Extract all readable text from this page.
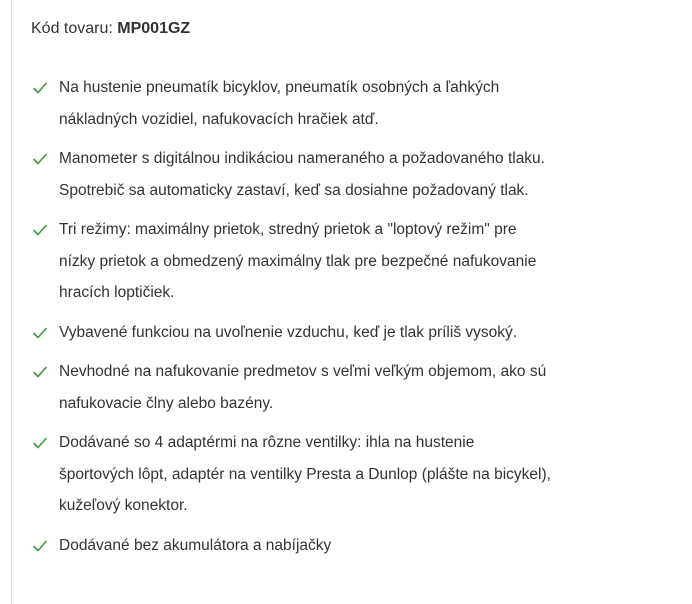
Kód tovaru: MP001GZ
Na hustenie pneumatík bicyklov, pneumatík osobných a ľahkých nákladných vozidiel, nafukovacích hračiek atď.
Manometer s digitálnou indikáciou nameraného a požadovaného tlaku. Spotrebič sa automaticky zastaví, keď sa dosiahne požadovaný tlak.
Tri režimy: maximálny prietok, stredný prietok a "loptový režim" pre nízky prietok a obmedzený maximálny tlak pre bezpečné nafukovanie hracích loptičiek.
Vybavené funkciou na uvoľnenie vzduchu, keď je tlak príliš vysoký.
Nevhodné na nafukovanie predmetov s veľmi veľkým objemom, ako sú nafukovacie člny alebo bazény.
Dodávané so 4 adaptérmi na rôzne ventilky: ihla na hustenie športových lôpt, adaptér na ventilky Presta a Dunlop (plášte na bicykel), kužeľový konektor.
Dodávané bez akumulátora a nabíjačky
